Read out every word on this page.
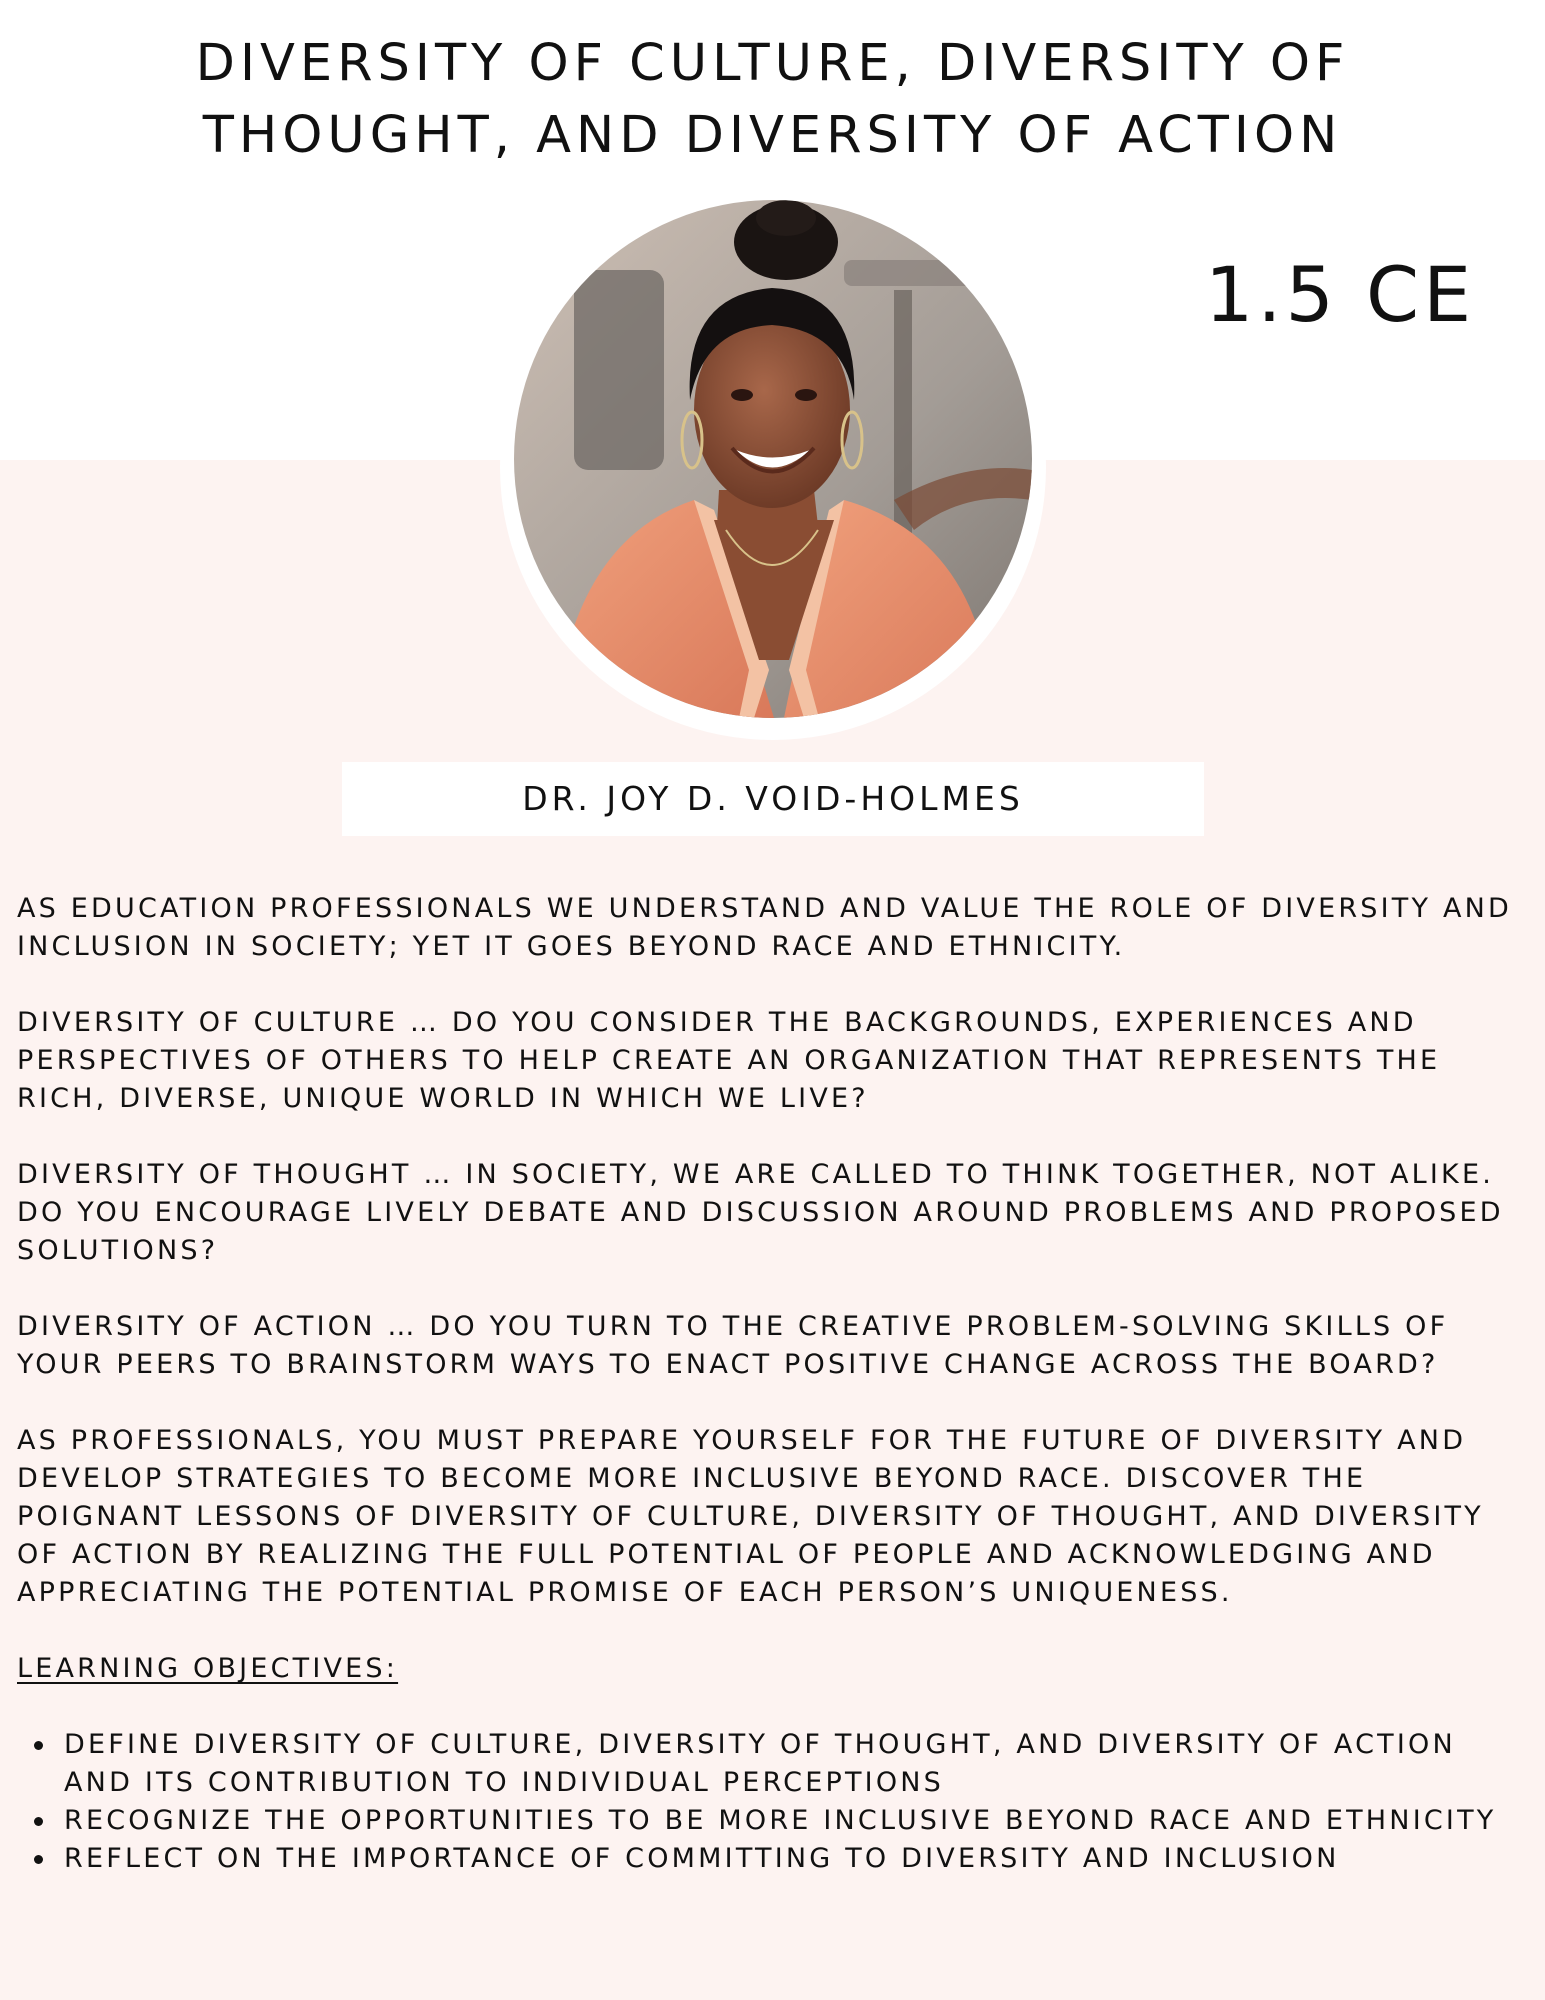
DIVERSITY OF CULTURE, DIVERSITY OF
THOUGHT, AND DIVERSITY OF ACTION
1.5 CE
DR. JOY D. VOID-HOLMES

AS EDUCATION PROFESSIONALS WE UNDERSTAND AND VALUE THE ROLE OF DIVERSITY AND INCLUSION IN SOCIETY; YET IT GOES BEYOND RACE AND ETHNICITY.

DIVERSITY OF CULTURE … DO YOU CONSIDER THE BACKGROUNDS, EXPERIENCES AND PERSPECTIVES OF OTHERS TO HELP CREATE AN ORGANIZATION THAT REPRESENTS THE RICH, DIVERSE, UNIQUE WORLD IN WHICH WE LIVE?

DIVERSITY OF THOUGHT … IN SOCIETY, WE ARE CALLED TO THINK TOGETHER, NOT ALIKE. DO YOU ENCOURAGE LIVELY DEBATE AND DISCUSSION AROUND PROBLEMS AND PROPOSED SOLUTIONS?

DIVERSITY OF ACTION … DO YOU TURN TO THE CREATIVE PROBLEM-SOLVING SKILLS OF YOUR PEERS TO BRAINSTORM WAYS TO ENACT POSITIVE CHANGE ACROSS THE BOARD?

AS PROFESSIONALS, YOU MUST PREPARE YOURSELF FOR THE FUTURE OF DIVERSITY AND DEVELOP STRATEGIES TO BECOME MORE INCLUSIVE BEYOND RACE. DISCOVER THE POIGNANT LESSONS OF DIVERSITY OF CULTURE, DIVERSITY OF THOUGHT, AND DIVERSITY OF ACTION BY REALIZING THE FULL POTENTIAL OF PEOPLE AND ACKNOWLEDGING AND APPRECIATING THE POTENTIAL PROMISE OF EACH PERSON’S UNIQUENESS.

LEARNING OBJECTIVES:
DEFINE DIVERSITY OF CULTURE, DIVERSITY OF THOUGHT, AND DIVERSITY OF ACTION AND ITS CONTRIBUTION TO INDIVIDUAL PERCEPTIONS
RECOGNIZE THE OPPORTUNITIES TO BE MORE INCLUSIVE BEYOND RACE AND ETHNICITY
REFLECT ON THE IMPORTANCE OF COMMITTING TO DIVERSITY AND INCLUSION
